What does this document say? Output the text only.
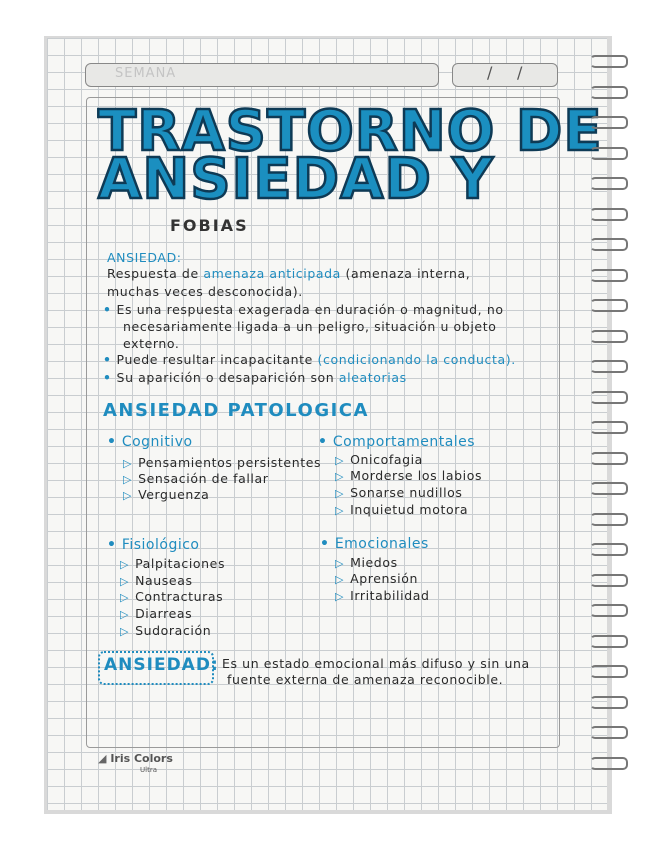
SEMANA	/ /
TRASTORNO DE
ANSIEDAD Y
FOBIAS
ANSIEDAD:
Respuesta de amenaza anticipada (amenaza interna,
muchas veces desconocida).
• Es una respuesta exagerada en duración o magnitud, no
necesariamente ligada a un peligro, situación u objeto
externo.
• Puede resultar incapacitante (condicionando la conducta).
• Su aparición o desaparición son aleatorias
ANSIEDAD PATOLOGICA
• Cognitivo
▷ Pensamientos persistentes
▷ Sensación de fallar
▷ Verguenza
• Comportamentales
▷ Onicofagia
▷ Morderse los labios
▷ Sonarse nudillos
▷ Inquietud motora
• Fisiológico
▷ Palpitaciones
▷ Nauseas
▷ Contracturas
▷ Diarreas
▷ Sudoración
• Emocionales
▷ Miedos
▷ Aprensión
▷ Irritabilidad
ANSIEDAD: Es un estado emocional más difuso y sin una
fuente externa de amenaza reconocible.
◢ Iris Colors
Ultra
